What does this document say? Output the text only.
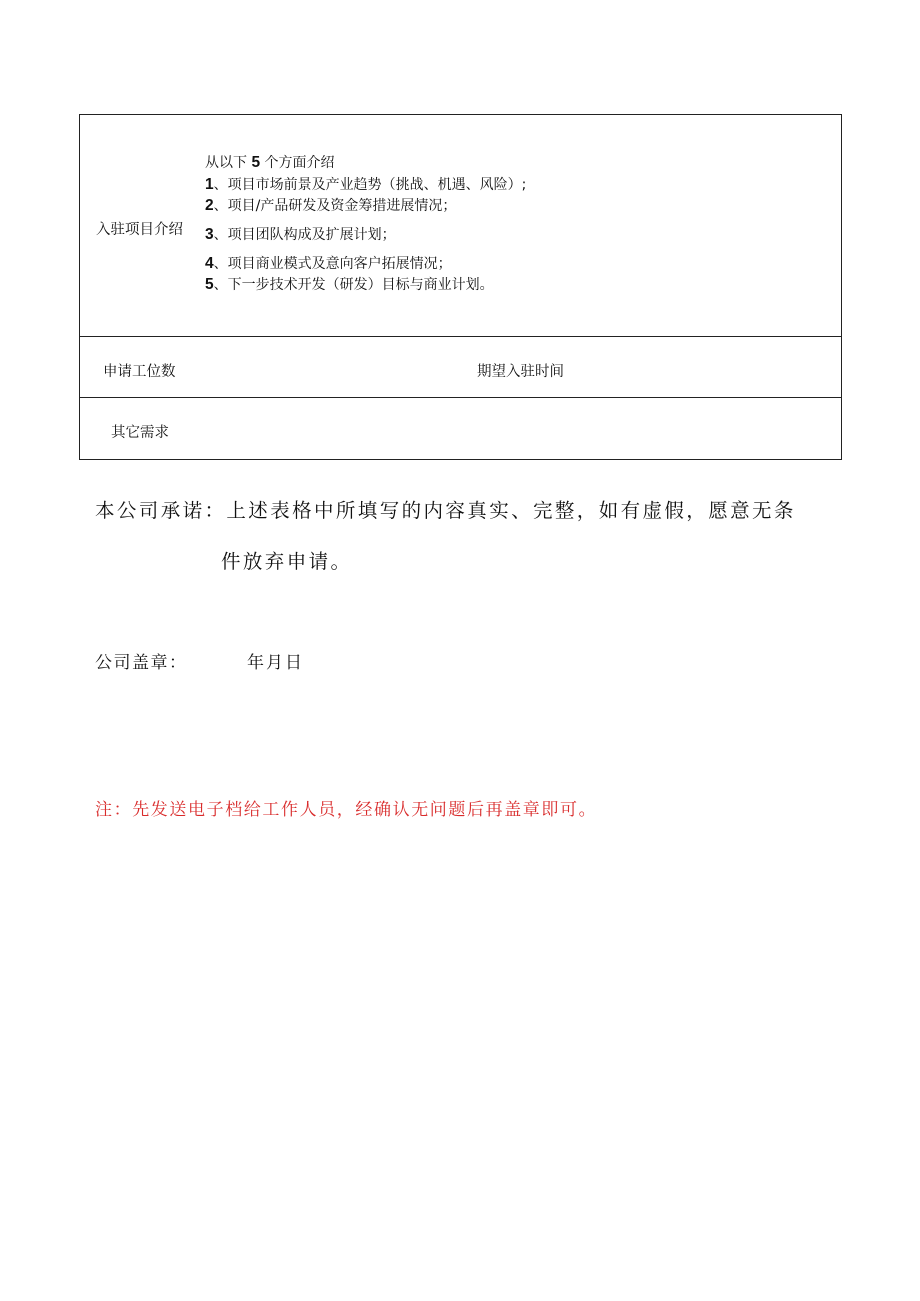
入驻项目介绍
从以下 5 个方面介绍
1、项目市场前景及产业趋势（挑战、机遇、风险）;
2、项目/产品研发及资金筹措进展情况；
3、项目团队构成及扩展计划；
4、项目商业模式及意向客户拓展情况；
5、下一步技术开发（研发）目标与商业计划。
申请工位数	期望入驻时间
其它需求
本公司承诺：上述表格中所填写的内容真实、完整，如有虚假，愿意无条
件放弃申请。
公司盖章：	年月日
注：先发送电子档给工作人员，经确认无问题后再盖章即可。
